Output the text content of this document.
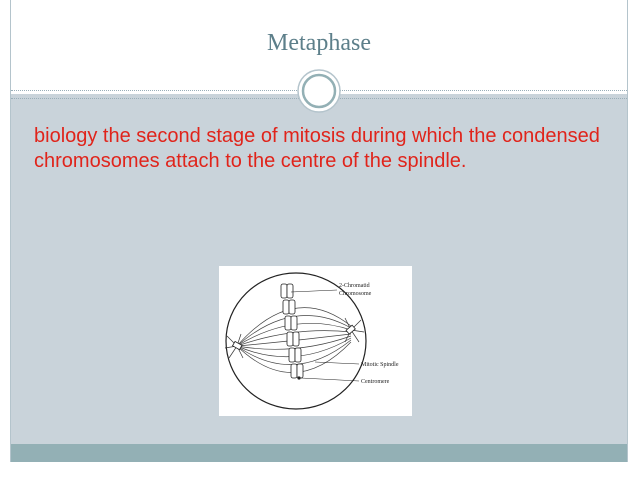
Metaphase

biology the second stage of mitosis during which the condensed chromosomes attach to the centre of the spindle.

2-Chromatid
Chromosome
Mitotic Spindle
Centromere
